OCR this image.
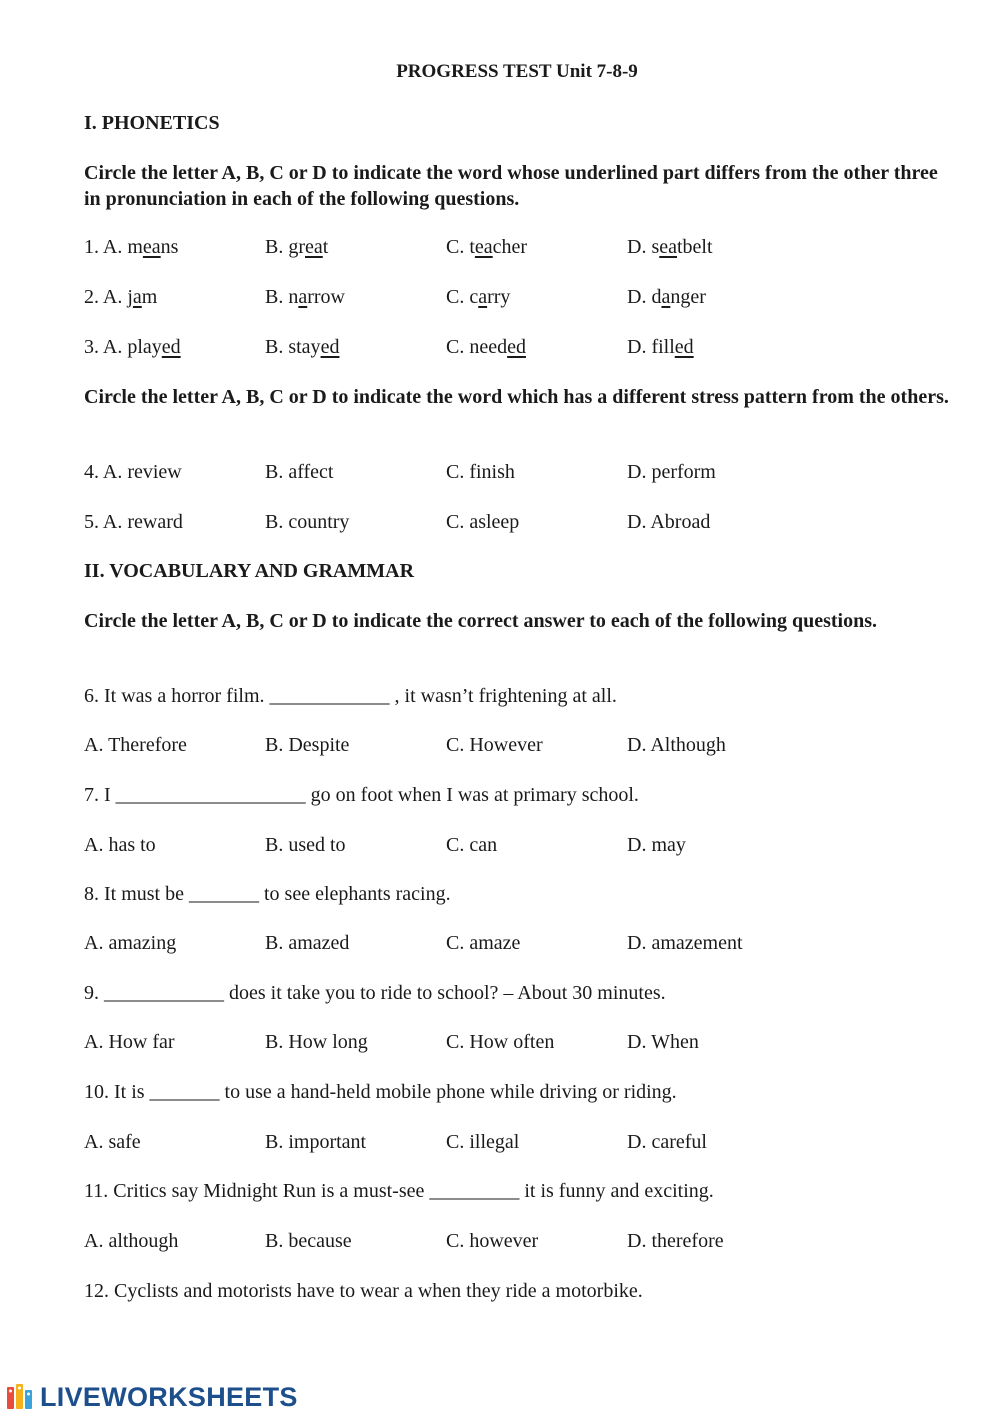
PROGRESS TEST Unit 7-8-9
I. PHONETICS
Circle the letter A, B, C or D to indicate the word whose underlined part differs from the other three in pronunciation in each of the following questions.
1. A. means	B. great	C. teacher	D. seatbelt
2. A. jam	B. narrow	C. carry	D. danger
3. A. played	B. stayed	C. needed	D. filled
Circle the letter A, B, C or D to indicate the word which has a different stress pattern from the others.
4. A. review	B. affect	C. finish	D. perform
5. A. reward	B. country	C. asleep	D. Abroad
II. VOCABULARY AND GRAMMAR
Circle the letter A, B, C or D to indicate the correct answer to each of the following questions.
6. It was a horror film. ____________ , it wasn’t frightening at all.
A. Therefore	B. Despite	C. However	D. Although
7. I ___________________ go on foot when I was at primary school.
A. has to	B. used to	C. can	D. may
8. It must be _______ to see elephants racing.
A. amazing	B. amazed	C. amaze	D. amazement
9. ____________ does it take you to ride to school? – About 30 minutes.
A. How far	B. How long	C. How often	D. When
10. It is _______ to use a hand-held mobile phone while driving or riding.
A. safe	B. important	C. illegal	D. careful
11. Critics say Midnight Run is a must-see _________ it is funny and exciting.
A. although	B. because	C. however	D. therefore
12. Cyclists and motorists have to wear a when they ride a motorbike.
LIVEWORKSHEETS
